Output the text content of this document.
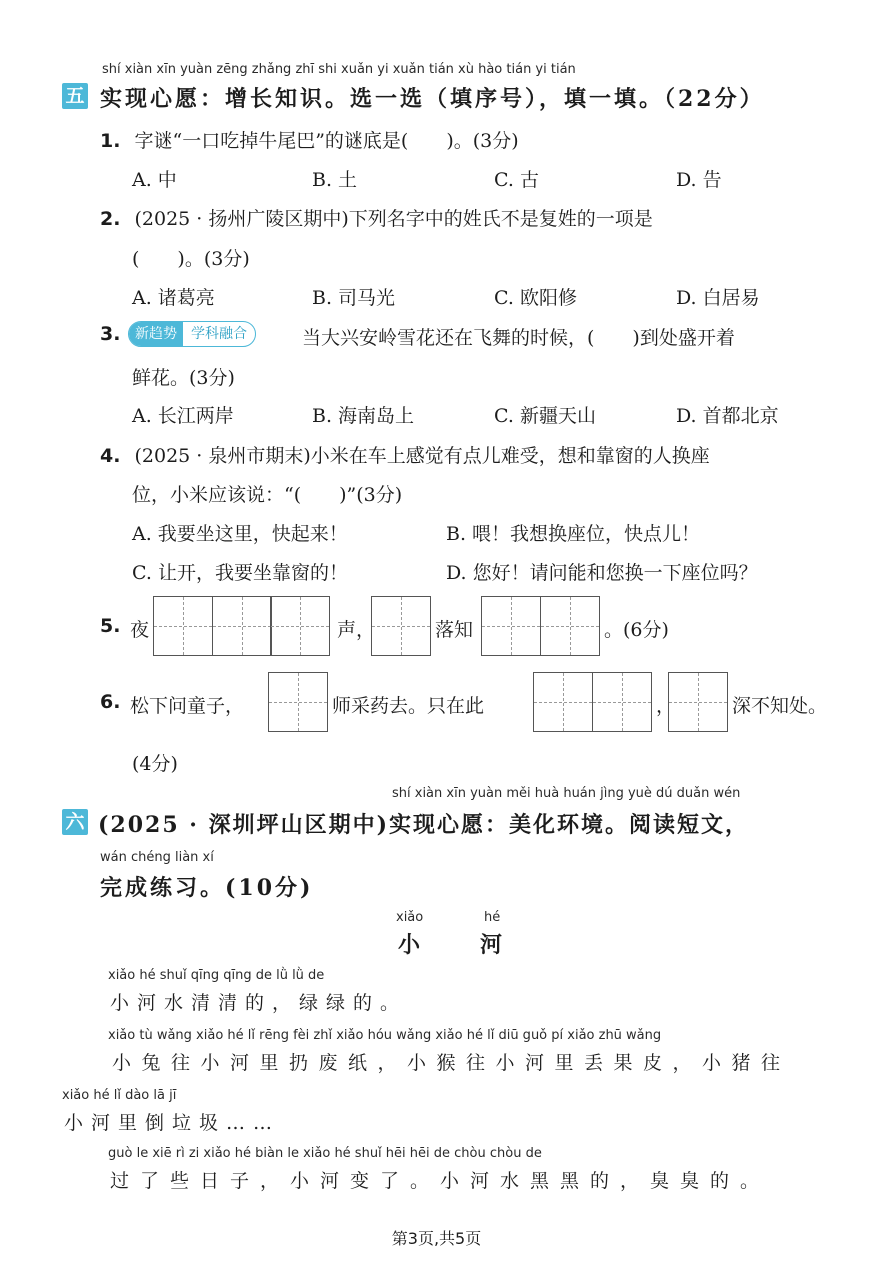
shí xiàn xīn yuàn zēng zhǎng zhī shi xuǎn yi xuǎn tián xù hào tián yi tián
五 实现心愿：增长知识。选一选（填序号），填一填。（22分）
1. 字谜“一口吃掉牛尾巴”的谜底是(　　)。(3分)
A. 中	B. 土	C. 古	D. 告
2. (2025 · 扬州广陵区期中)下列名字中的姓氏不是复姓的一项是
(　　)。(3分)
A. 诸葛亮	B. 司马光	C. 欧阳修	D. 白居易
3.	新趋势	学科融合	当大兴安岭雪花还在飞舞的时候，(　　)到处盛开着
鲜花。(3分)
A. 长江两岸	B. 海南岛上	C. 新疆天山	D. 首都北京
4. (2025 · 泉州市期末)小米在车上感觉有点儿难受，想和靠窗的人换座
位，小米应该说：“(　　)”(3分)
A. 我要坐这里，快起来！	B. 喂！我想换座位，快点儿！
C. 让开，我要坐靠窗的！	D. 您好！请问能和您换一下座位吗？
5. 夜	声，	落知	。(6分)
6. 松下问童子，	师采药去。只在此	，	深不知处。
(4分)
shí xiàn xīn yuàn měi huà huán jìng yuè dú duǎn wén
六 (2025 · 深圳坪山区期中)实现心愿：美化环境。阅读短文，
wán chéng liàn xí
完成练习。(10分)
xiǎo	hé
小	河
xiǎo hé shuǐ qīng qīng de lǜ lǜ de
小河水清清的，绿绿的。
xiǎo tù wǎng xiǎo hé lǐ rēng fèi zhǐ xiǎo hóu wǎng xiǎo hé lǐ diū guǒ pí xiǎo zhū wǎng
小兔往小河里扔废纸，小猴往小河里丢果皮，小猪往
xiǎo hé lǐ dào lā jī
小河里倒垃圾……
guò le xiē rì zi xiǎo hé biàn le xiǎo hé shuǐ hēi hēi de chòu chòu de
过了些日子，小河变了。小河水黑黑的，臭臭的。
第3页,共5页
